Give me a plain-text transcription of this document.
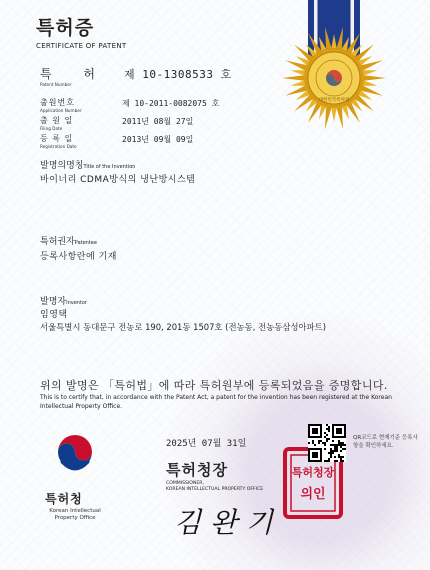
대한민국특허청
특허증
CERTIFICATE OF PATENT
특 허
Patent Number
제 10-1308533 호
출원번호
Application Number
제 10-2011-0082075 호
출 원 일
Filing Date
2011년 08월 27일
등 록 일
Registration Date
2013년 09월 09일
발명의명칭Title of the Invention
바이너리 CDMA방식의 냉난방시스템
특허권자Patentee
등록사항란에 기재
발명자Inventor
임영택
서울특별시 동대문구 전농로 190, 201동 1507호 (전농동, 전농동삼성아파트)
위의 발명은 「특허법」에 따라 특허원부에 등록되었음을 증명합니다.
This is to certify that, in accordance with the Patent Act, a patent for the invention has been registered at the Korean Intellectual Property Office.
특허청
Korean Intellectual
Property Office
2025년 07월 31일
특허청장
COMMISSIONER,
KOREAN INTELLECTUAL PROPERTY OFFICE
김 완 기
특허청장
의인
QR코드로 현재기준 등록사항을 확인하세요.
